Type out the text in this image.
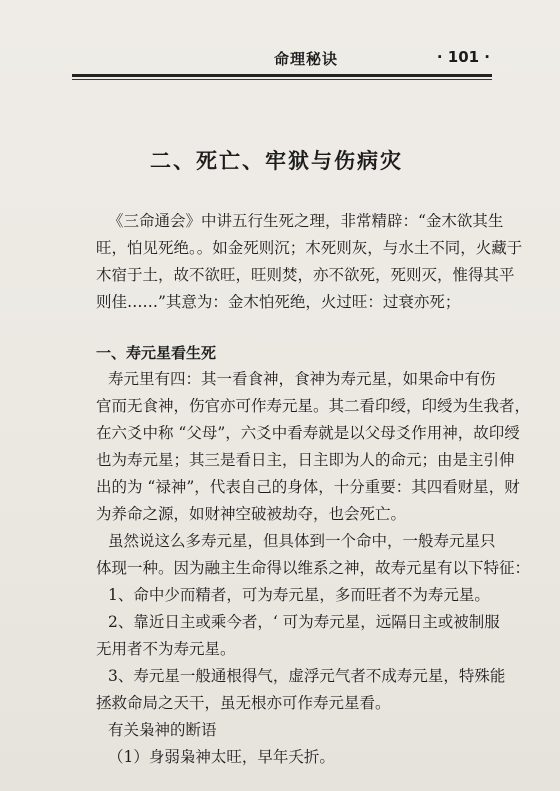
命理秘诀	· 101 ·
二、死亡、牢狱与伤病灾
《三命通会》中讲五行生死之理，非常精辟：“金木欲其生
旺，怕见死绝。。如金死则沉；木死则灰，与水土不同，火藏于
木宿于土，故不欲旺，旺则焚，亦不欲死，死则灭，惟得其平
则佳……”其意为：金木怕死绝，火过旺：过衰亦死；
一、寿元星看生死
寿元里有四：其一看食神，食神为寿元星，如果命中有伤
官而无食神，伤官亦可作寿元星。其二看印绶，印绶为生我者，
在六爻中称 “父母”，六爻中看寿就是以父母爻作用神，故印绶
也为寿元星；其三是看日主，日主即为人的命元；由是主引伸
出的为 “禄神”，代表自己的身体，十分重要：其四看财星，财
为养命之源，如财神空破被劫夺，也会死亡。
虽然说这么多寿元星，但具体到一个命中，一般寿元星只
体现一种。因为融主生命得以维系之神，故寿元星有以下特征：
1、命中少而精者，可为寿元星，多而旺者不为寿元星。
2、靠近日主或乘今者，‘ 可为寿元星，远隔日主或被制服
无用者不为寿元星。
3、寿元星一般通根得气，虚浮元气者不成寿元星，特殊能
拯救命局之天干，虽无根亦可作寿元星看。
有关枭神的断语
（1）身弱枭神太旺，早年夭折。
